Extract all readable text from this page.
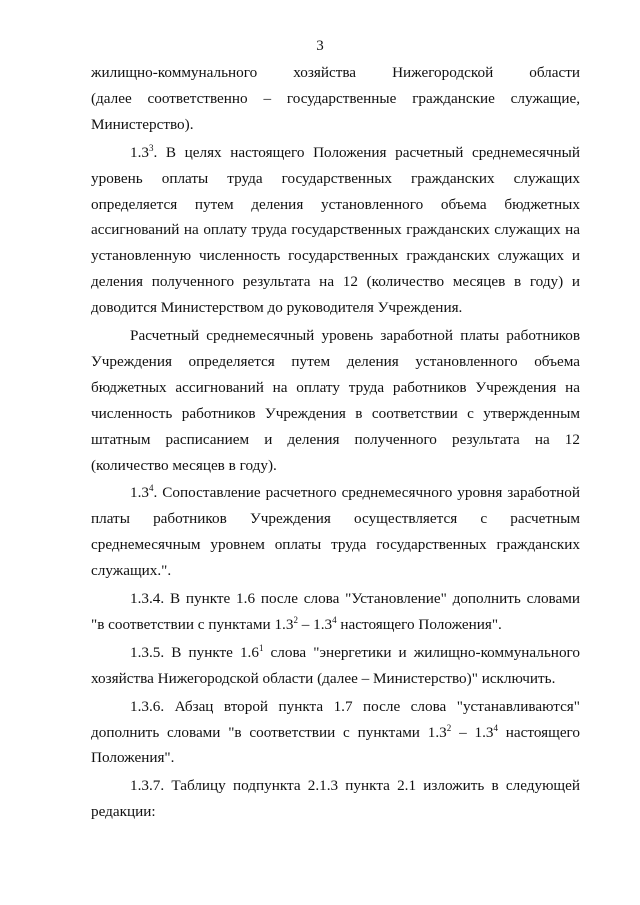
3
жилищно-коммунального хозяйства Нижегородской области
(далее соответственно – государственные гражданские служащие,
Министерство).
$1.3^3$. В целях настоящего Положения расчетный среднемесячный
уровень оплаты труда государственных гражданских служащих
определяется путем деления установленного объема бюджетных
ассигнований на оплату труда государственных гражданских служащих на
установленную численность государственных гражданских служащих и
деления полученного результата на 12 (количество месяцев в году) и
доводится Министерством до руководителя Учреждения.
Расчетный среднемесячный уровень заработной платы работников
Учреждения определяется путем деления установленного объема
бюджетных ассигнований на оплату труда работников Учреждения на
численность работников Учреждения в соответствии с утвержденным
штатным расписанием и деления полученного результата на 12
(количество месяцев в году).
$1.3^4$. Сопоставление расчетного среднемесячного уровня заработной
платы работников Учреждения осуществляется с расчетным
среднемесячным уровнем оплаты труда государственных гражданских
служащих.".
1.3.4. В пункте 1.6 после слова "Установление" дополнить словами
"в соответствии с пунктами $1.3^2 - 1.3^4$ настоящего Положения".
1.3.5. В пункте $1.6^1$ слова "энергетики и жилищно-коммунального
хозяйства Нижегородской области (далее – Министерство)" исключить.
1.3.6. Абзац второй пункта 1.7 после слова "устанавливаются"
дополнить словами "в соответствии с пунктами $1.3^2 - 1.3^4$ настоящего
Положения".
1.3.7. Таблицу подпункта 2.1.3 пункта 2.1 изложить в следующей
редакции:
